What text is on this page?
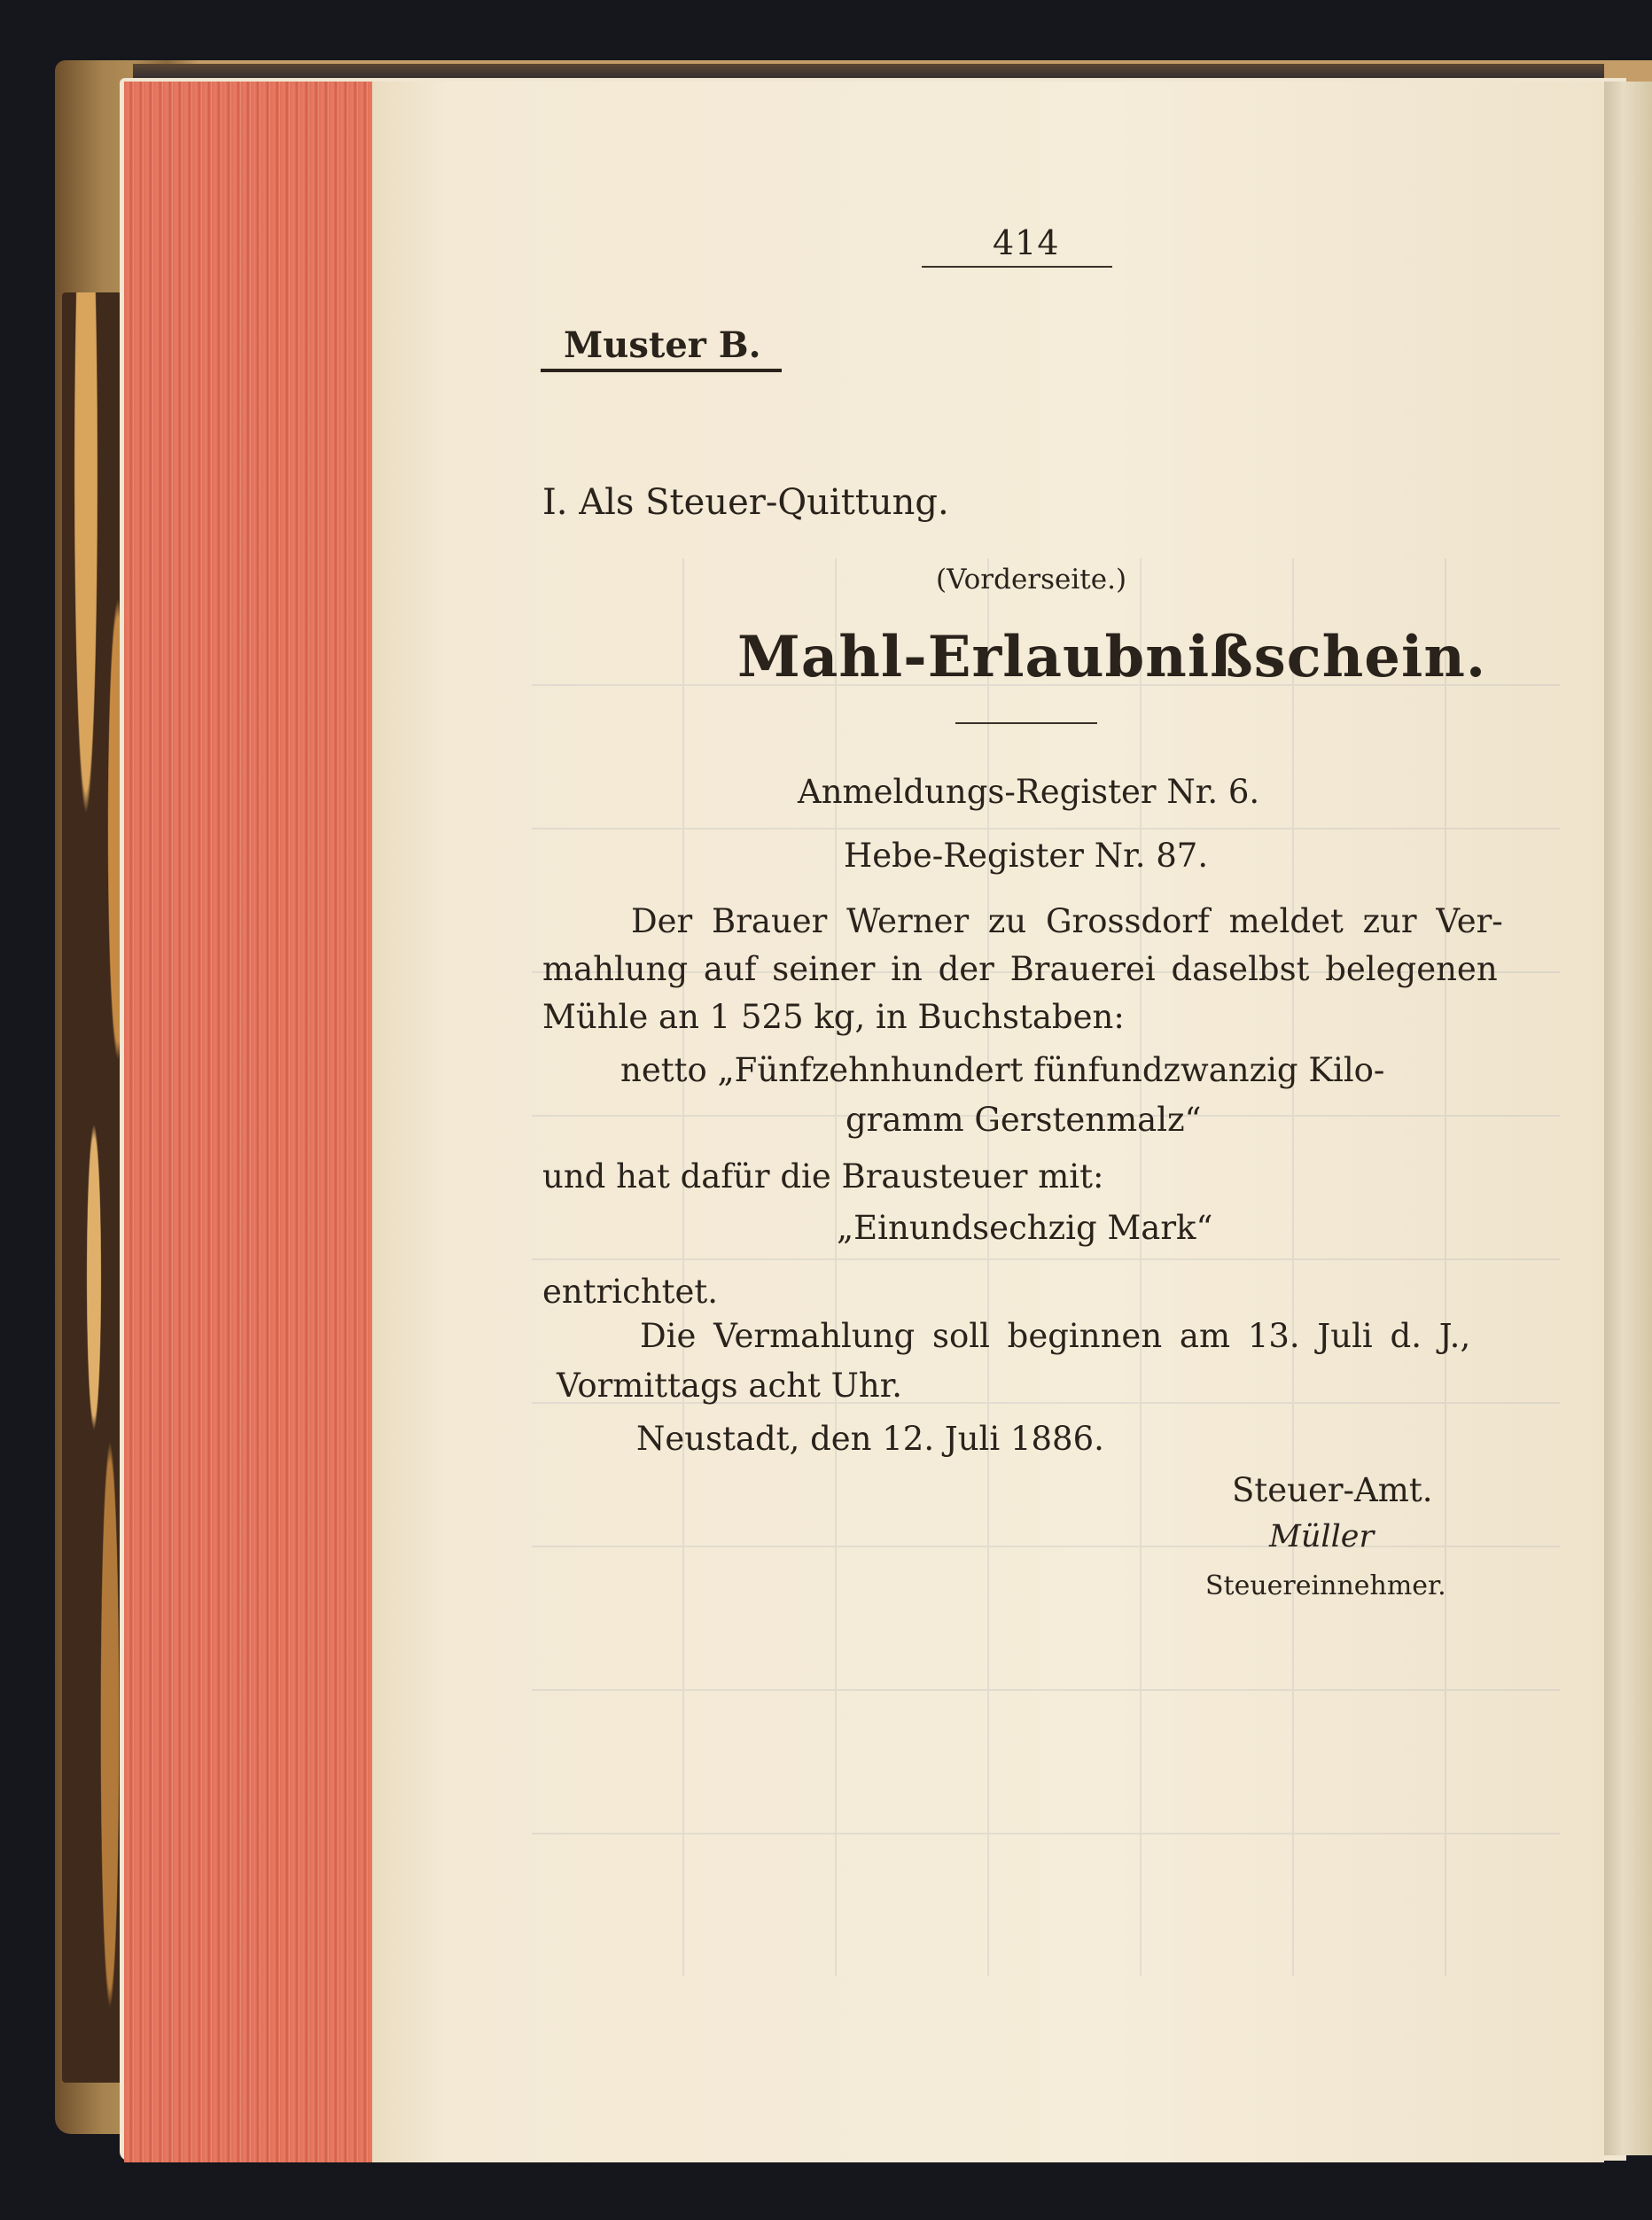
414
Muster B.
I. Als Steuer-Quittung.
(Vorderseite.)
Mahl-Erlaubnißschein.
Anmeldungs-Register Nr. 6.
Hebe-Register Nr. 87.
Der Brauer Werner zu Grossdorf meldet zur Ver-
mahlung auf seiner in der Brauerei daselbst belegenen
Mühle an 1 525 kg, in Buchstaben:
netto „Fünfzehnhundert fünfundzwanzig Kilo-
gramm Gerstenmalz“
und hat dafür die Brausteuer mit:
„Einundsechzig Mark“
entrichtet.
Die Vermahlung soll beginnen am 13. Juli d. J.,
Vormittags acht Uhr.
Neustadt, den 12. Juli 1886.
Steuer-Amt.
Müller
Steuereinnehmer.
